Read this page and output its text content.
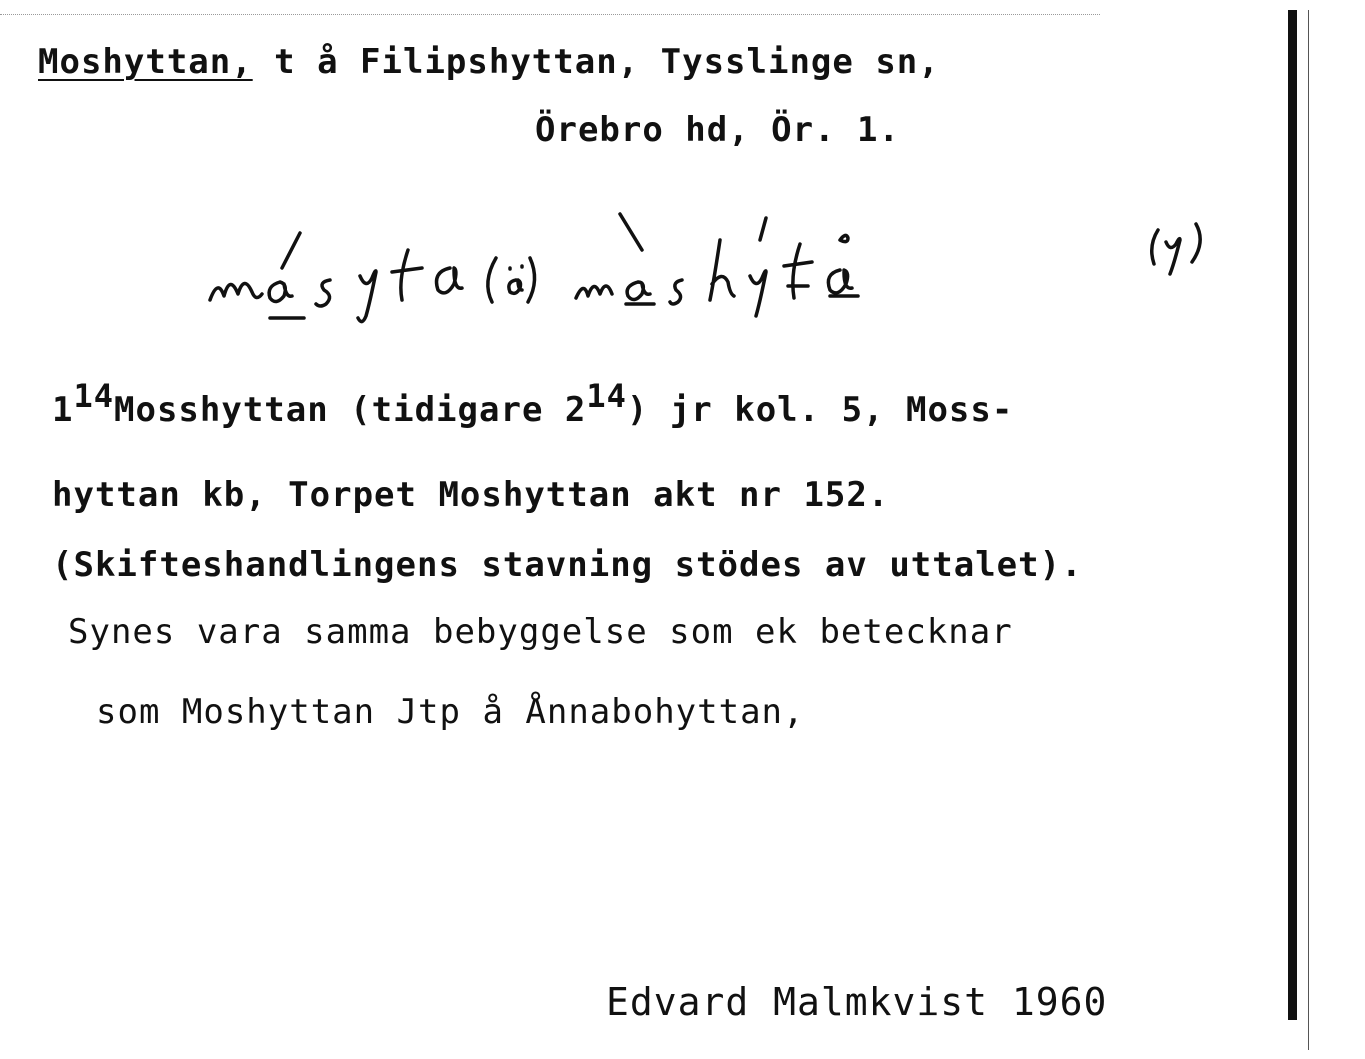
Moshyttan, t å Filipshyttan, Tysslinge sn,
Örebro hd, Ör. 1.
$1^{14}Mosshyttan$ (tidigare $2^{14}$) jr kol. 5, Moss-
hyttan kb, Torpet Moshyttan akt nr 152.
(Skifteshandlingens stavning stödes av uttalet).
Synes vara samma bebyggelse som ek betecknar
som Moshyttan Jtp å Ånnabohyttan,
Edvard Malmkvist 1960
